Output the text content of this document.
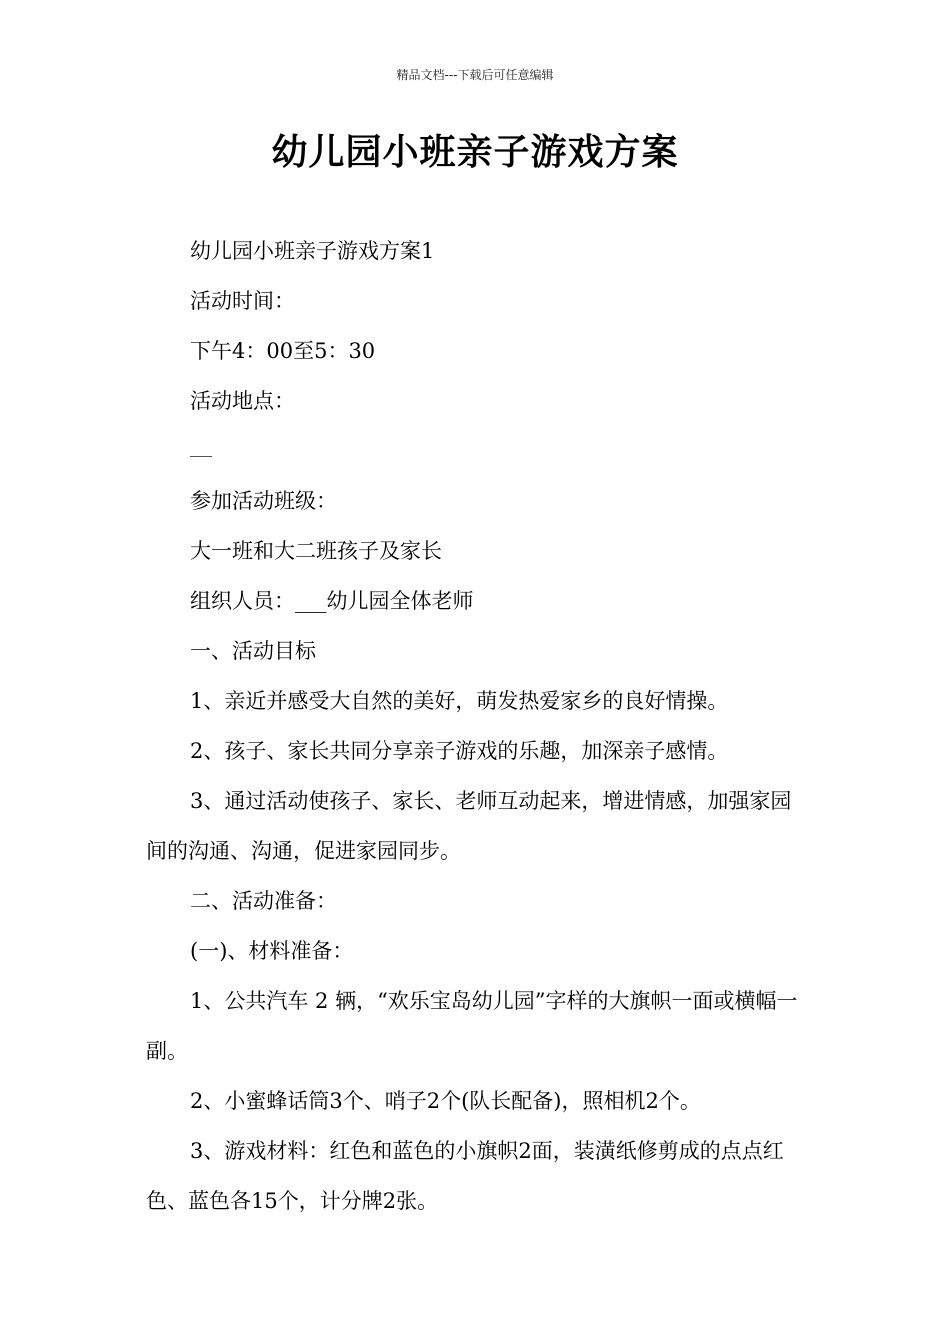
精品文档---下载后可任意编辑
幼儿园小班亲子游戏方案

幼儿园小班亲子游戏方案1

活动时间：

下午4：00至5：30

活动地点：

参加活动班级：

大一班和大二班孩子及家长

组织人员：___幼儿园全体老师

一、活动目标

1、亲近并感受大自然的美好，萌发热爱家乡的良好情操。

2、孩子、家长共同分享亲子游戏的乐趣，加深亲子感情。

3、通过活动使孩子、家长、老师互动起来，增进情感，加强家园间的沟通、沟通，促进家园同步。

二、活动准备：

(一)、材料准备：

1、公共汽车 2 辆，“欢乐宝岛幼儿园”字样的大旗帜一面或横幅一副。

2、小蜜蜂话筒3个、哨子2个(队长配备)，照相机2个。

3、游戏材料：红色和蓝色的小旗帜2面，装潢纸修剪成的点点红色、蓝色各15个，计分牌2张。
